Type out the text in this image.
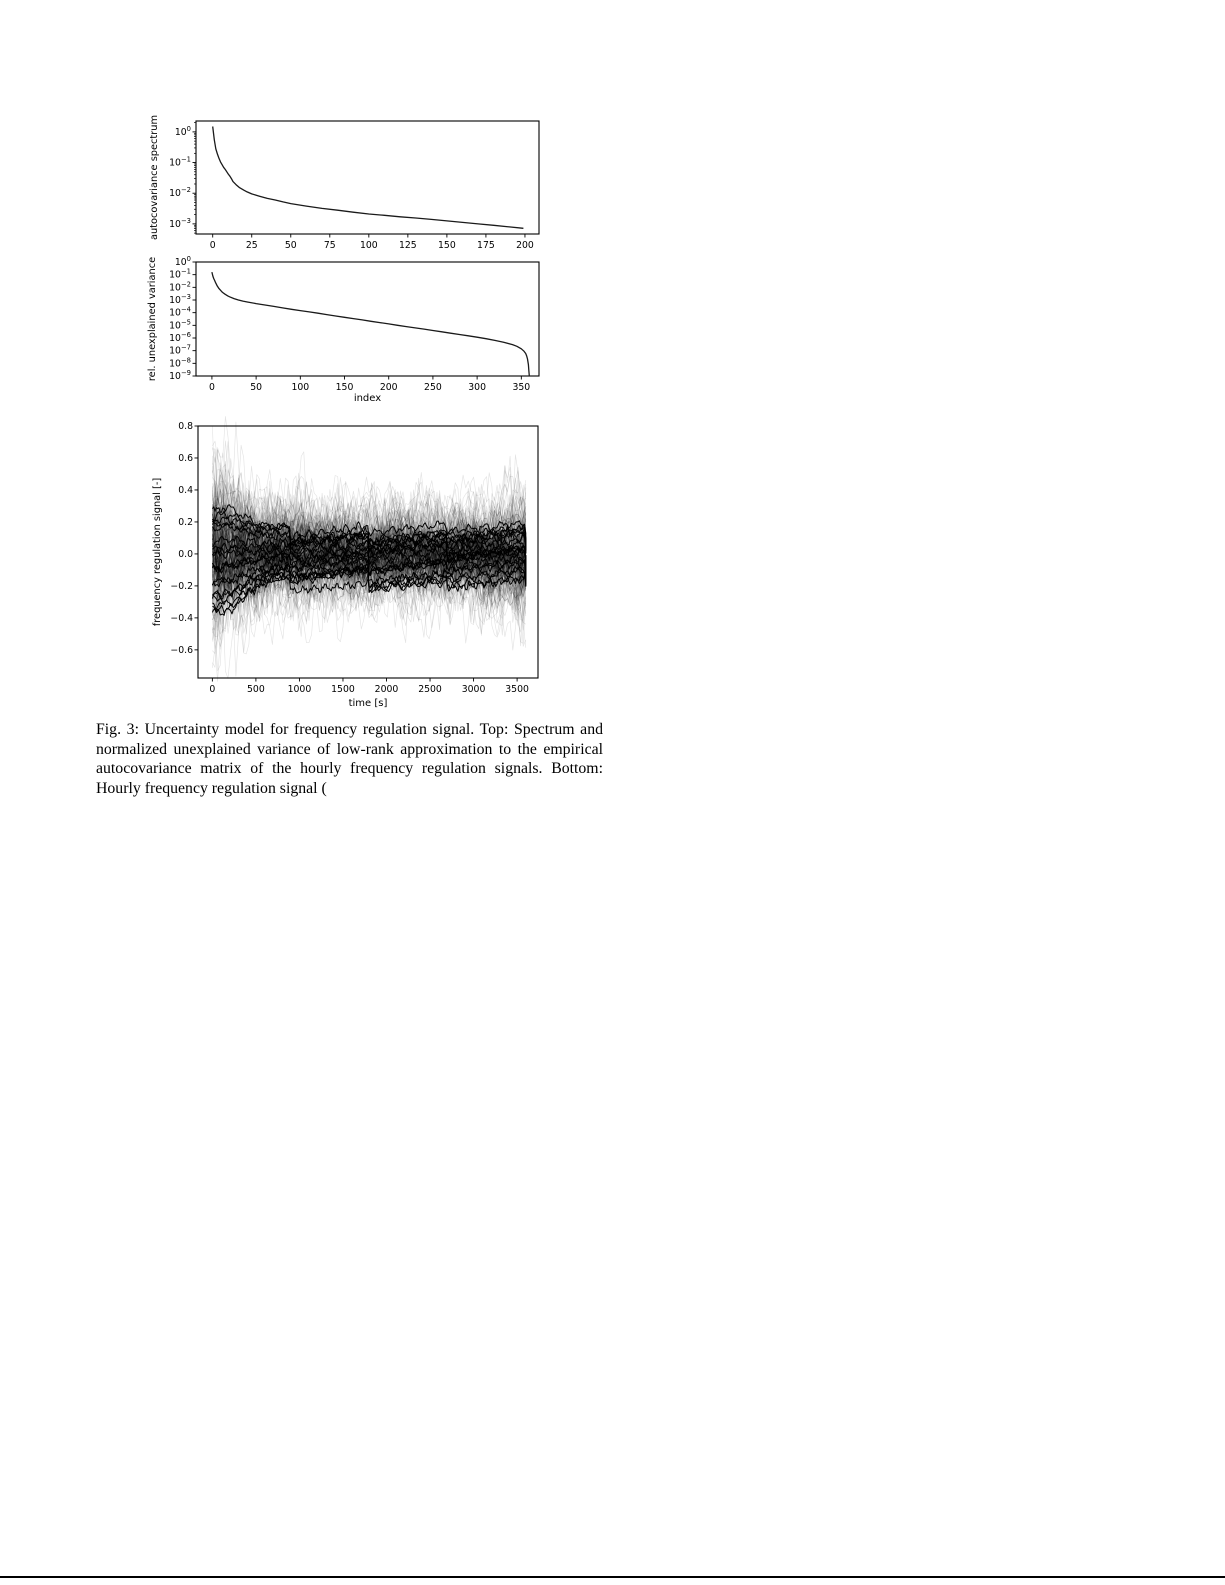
0	25	50	75	100 125 150 175 200
$10^0$
$10^{-1}$
$10^{-2}$
$10^{-3}$
autocovariance spectrum
0	50	100	150	200	250	300	350
index
$10^0$
$10^{-1}$
$10^{-2}$
$10^{-3}$
$10^{-4}$
$10^{-5}$
$10^{-6}$
$10^{-7}$
$10^{-8}$
$10^{-9}$
rel. unexplained variance
0	500 1000 1500 2000 2500 3000 3500
time [s]
−0.6
−0.4
−0.2
0.0
0.2
0.4
0.6
0.8
frequency regulation signal [-]
Fig. 3: Uncertainty model for frequency regulation signal. Top: Spectrum and
normalized unexplained variance of low-rank approximation to the empirical
autocovariance matrix of the hourly frequency regulation signals. Bottom:
Hourly frequency regulation signal (
